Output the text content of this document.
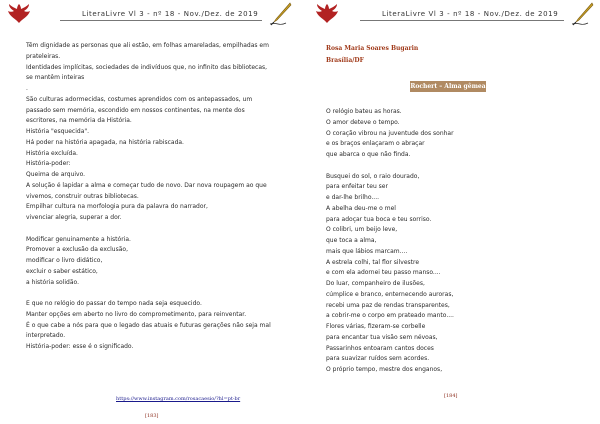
LiteraLivre Vl 3 - nº 18 - Nov./Dez. de 2019

Têm dignidade as personas que ali estão, em folhas amareladas, empilhadas em

prateleiras.

Identidades implícitas, sociedades de indivíduos que, no infinito das bibliotecas,

se mantêm inteiras

.

São culturas adormecidas, costumes aprendidos com os antepassados, um

passado sem memória, escondido em nossos continentes, na mente dos

escritores, na memória da História.

História "esquecida".

Há poder na história apagada, na história rabiscada.

História excluída.

História-poder:

Queima de arquivo.

A solução é lapidar a alma e começar tudo de novo. Dar nova roupagem ao que

vivemos, construir outras bibliotecas.

Empilhar cultura na morfologia pura da palavra do narrador,

vivenciar alegria, superar a dor.

Modificar genuinamente a história.

Promover a exclusão da exclusão,

modificar o livro didático,

excluir o saber estático,

a história solidão.

E que no relógio do passar do tempo nada seja esquecido.

Manter opções em aberto no livro do comprometimento, para reinventar.

É o que cabe a nós para que o legado das atuais e futuras gerações não seja mal

interpretado.

História-poder: esse é o significado.

https://www.instagram.com/rosacaesio/?hl=pt-br
[183]
LiteraLivre Vl 3 - nº 18 - Nov./Dez. de 2019
Rosa Maria Soares Bugarin
Brasília/DF
Rochert – Alma gêmea

O relógio bateu as horas.

O amor deteve o tempo.

O coração vibrou na juventude dos sonhar

e os braços enlaçaram o abraçar

que abarca o que não finda.

Busquei do sol, o raio dourado,

para enfeitar teu ser

e dar-lhe brilho....

A abelha deu-me o mel

para adoçar tua boca e teu sorriso.

O colibri, um beijo leve,

que toca a alma,

mais que lábios marcam....

A estrela colhi, tal flor silvestre

e com ela adornei teu passo manso....

Do luar, companheiro de ilusões,

cúmplice e branco, enternecendo auroras,

recebi uma paz de rendas transparentes,

a cobrir-me o corpo em prateado manto....

Flores várias, fizeram-se corbelle

para encantar tua visão sem névoas,

Passarinhos entoaram cantos doces

para suavizar ruídos sem acordes.

O próprio tempo, mestre dos enganos,

[184]
